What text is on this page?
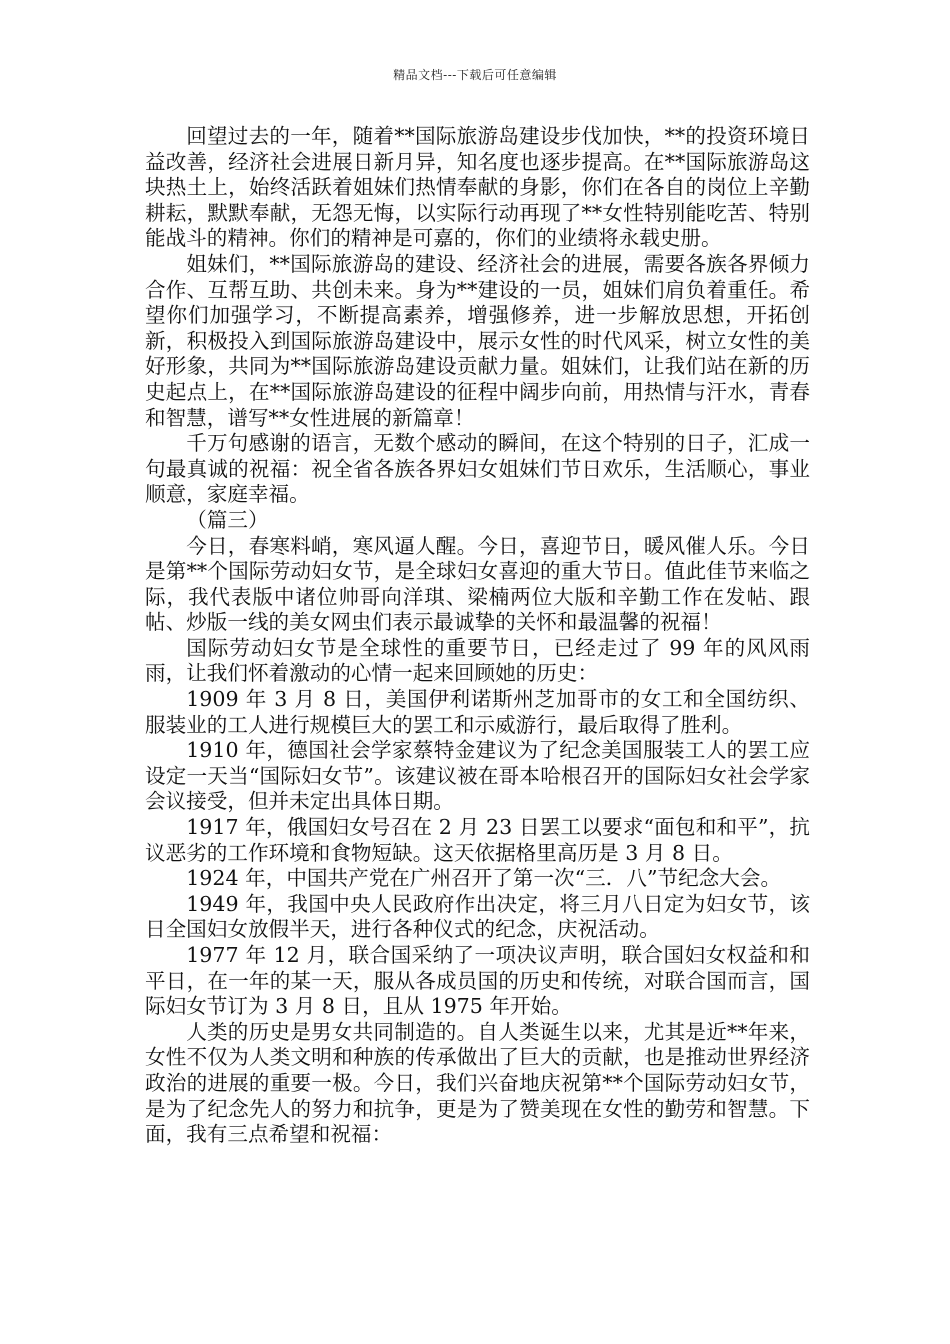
精品文档---下载后可任意编辑

回望过去的一年，随着**国际旅游岛建设步伐加快，**的投资环境日益改善，经济社会进展日新月异，知名度也逐步提高。在**国际旅游岛这块热土上，始终活跃着姐妹们热情奉献的身影，你们在各自的岗位上辛勤耕耘，默默奉献，无怨无悔，以实际行动再现了**女性特别能吃苦、特别能战斗的精神。你们的精神是可嘉的，你们的业绩将永载史册。

姐妹们，**国际旅游岛的建设、经济社会的进展，需要各族各界倾力合作、互帮互助、共创未来。身为**建设的一员，姐妹们肩负着重任。希望你们加强学习，不断提高素养，增强修养，进一步解放思想，开拓创新，积极投入到国际旅游岛建设中，展示女性的时代风采，树立女性的美好形象，共同为**国际旅游岛建设贡献力量。姐妹们，让我们站在新的历史起点上，在**国际旅游岛建设的征程中阔步向前，用热情与汗水，青春和智慧，谱写**女性进展的新篇章！

千万句感谢的语言，无数个感动的瞬间，在这个特别的日子，汇成一句最真诚的祝福：祝全省各族各界妇女姐妹们节日欢乐，生活顺心，事业顺意，家庭幸福。

（篇三）

今日，春寒料峭，寒风逼人醒。今日，喜迎节日，暖风催人乐。今日是第**个国际劳动妇女节，是全球妇女喜迎的重大节日。值此佳节来临之际，我代表版中诸位帅哥向洋琪、梁楠两位大版和辛勤工作在发帖、跟帖、炒版一线的美女网虫们表示最诚挚的关怀和最温馨的祝福！

国际劳动妇女节是全球性的重要节日，已经走过了 99 年的风风雨雨，让我们怀着激动的心情一起来回顾她的历史：

1909 年 3 月 8 日，美国伊利诺斯州芝加哥市的女工和全国纺织、服装业的工人进行规模巨大的罢工和示威游行，最后取得了胜利。

1910 年，德国社会学家蔡特金建议为了纪念美国服装工人的罢工应设定一天当“国际妇女节”。该建议被在哥本哈根召开的国际妇女社会学家会议接受，但并未定出具体日期。

1917 年，俄国妇女号召在 2 月 23 日罢工以要求“面包和和平”，抗议恶劣的工作环境和食物短缺。这天依据格里高历是 3 月 8 日。

1924 年，中国共产党在广州召开了第一次“三．八”节纪念大会。

1949 年，我国中央人民政府作出决定，将三月八日定为妇女节，该日全国妇女放假半天，进行各种仪式的纪念，庆祝活动。

1977 年 12 月，联合国采纳了一项决议声明，联合国妇女权益和和平日，在一年的某一天，服从各成员国的历史和传统，对联合国而言，国际妇女节订为 3 月 8 日，且从 1975 年开始。

人类的历史是男女共同制造的。自人类诞生以来，尤其是近**年来，女性不仅为人类文明和种族的传承做出了巨大的贡献，也是推动世界经济政治的进展的重要一极。今日，我们兴奋地庆祝第**个国际劳动妇女节，是为了纪念先人的努力和抗争，更是为了赞美现在女性的勤劳和智慧。下面，我有三点希望和祝福：
